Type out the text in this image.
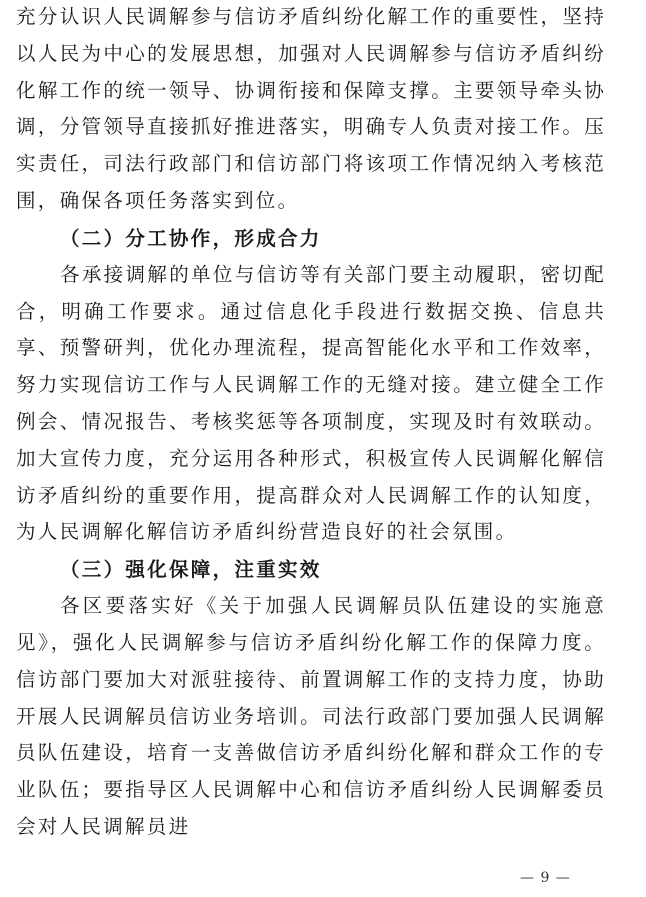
充分认识人民调解参与信访矛盾纠纷化解工作的重要性，坚持以人民为中心的发展思想，加强对人民调解参与信访矛盾纠纷化解工作的统一领导、协调衔接和保障支撑。主要领导牵头协调，分管领导直接抓好推进落实，明确专人负责对接工作。压实责任，司法行政部门和信访部门将该项工作情况纳入考核范围，确保各项任务落实到位。

（二）分工协作，形成合力

各承接调解的单位与信访等有关部门要主动履职，密切配合，明确工作要求。通过信息化手段进行数据交换、信息共享、预警研判，优化办理流程，提高智能化水平和工作效率，努力实现信访工作与人民调解工作的无缝对接。建立健全工作例会、情况报告、考核奖惩等各项制度，实现及时有效联动。加大宣传力度，充分运用各种形式，积极宣传人民调解化解信访矛盾纠纷的重要作用，提高群众对人民调解工作的认知度，为人民调解化解信访矛盾纠纷营造良好的社会氛围。

（三）强化保障，注重实效

各区要落实好《关于加强人民调解员队伍建设的实施意见》，强化人民调解参与信访矛盾纠纷化解工作的保障力度。信访部门要加大对派驻接待、前置调解工作的支持力度，协助开展人民调解员信访业务培训。司法行政部门要加强人民调解员队伍建设，培育一支善做信访矛盾纠纷化解和群众工作的专业队伍；要指导区人民调解中心和信访矛盾纠纷人民调解委员会对人民调解员进

— 9 —
